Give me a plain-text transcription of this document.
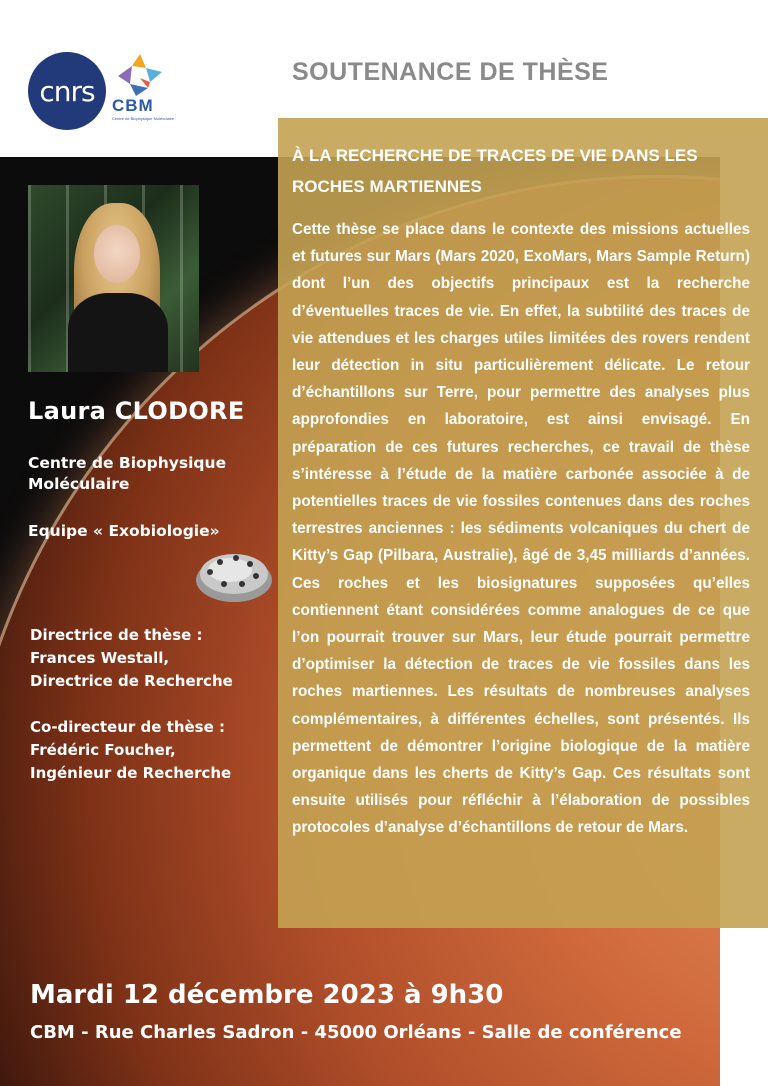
cnrs CBM
Centre de Biophysique Moléculaire
SOUTENANCE DE THÈSE
À LA RECHERCHE DE TRACES DE VIE DANS LES ROCHES MARTIENNES
Cette thèse se place dans le contexte des missions actuelles et futures sur Mars (Mars 2020, ExoMars, Mars Sample Return) dont l’un des objectifs principaux est la recherche d’éventuelles traces de vie. En effet, la subtilité des traces de vie attendues et les charges utiles limitées des rovers rendent leur détection in situ particulièrement délicate. Le retour d’échantillons sur Terre, pour permettre des analyses plus approfondies en laboratoire, est ainsi envisagé. En préparation de ces futures recherches, ce travail de thèse s’intéresse à l’étude de la matière carbonée associée à de potentielles traces de vie fossiles contenues dans des roches terrestres anciennes : les sédiments volcaniques du chert de Kitty’s Gap (Pilbara, Australie), âgé de 3,45 milliards d’années. Ces roches et les biosignatures supposées qu’elles contiennent étant considérées comme analogues de ce que l’on pourrait trouver sur Mars, leur étude pourrait permettre d’optimiser la détection de traces de vie fossiles dans les roches martiennes. Les résultats de nombreuses analyses complémentaires, à différentes échelles, sont présentés. Ils permettent de démontrer l’origine biologique de la matière organique dans les cherts de Kitty’s Gap. Ces résultats sont ensuite utilisés pour réfléchir à l’élaboration de possibles protocoles d’analyse d’échantillons de retour de Mars.
Laura CLODORE
Centre de Biophysique Moléculaire
Equipe « Exobiologie»
Directrice de thèse :
Frances Westall,
Directrice de Recherche
Co-directeur de thèse :
Frédéric Foucher,
Ingénieur de Recherche
Mardi 12 décembre 2023 à 9h30
CBM - Rue Charles Sadron - 45000 Orléans - Salle de conférence
